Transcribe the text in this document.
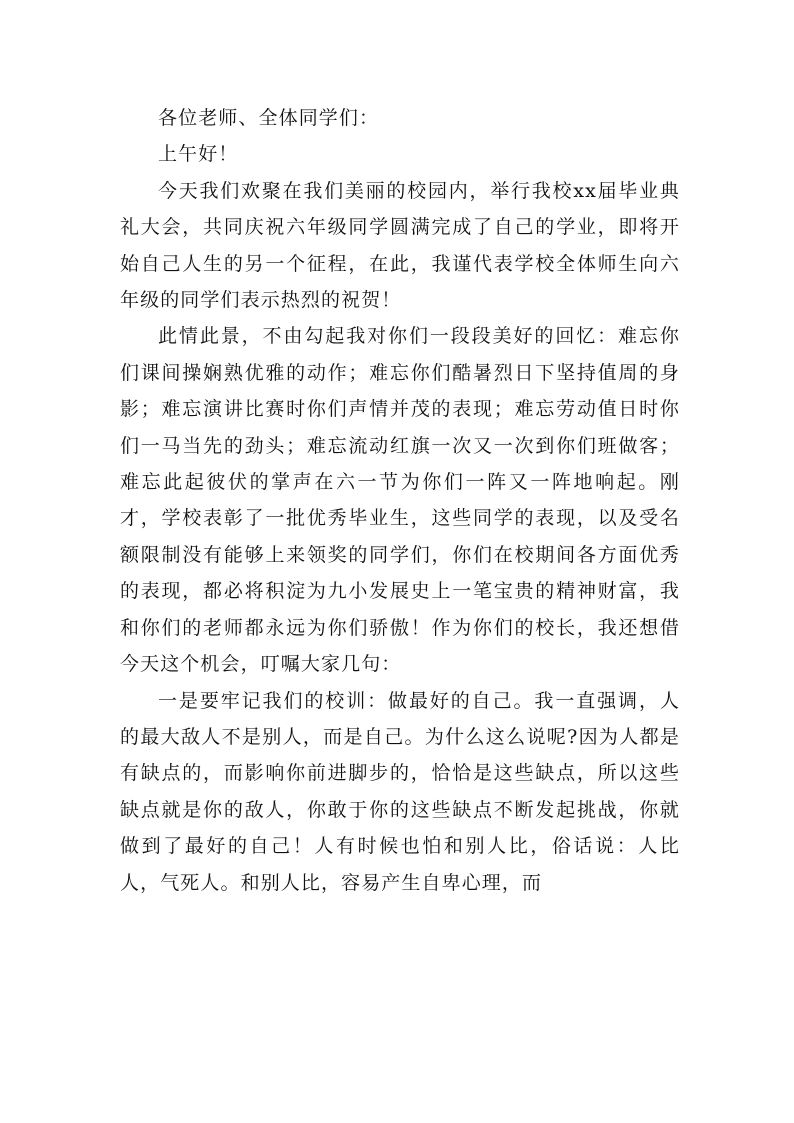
各位老师、全体同学们：

上午好！

今天我们欢聚在我们美丽的校园内，举行我校xx届毕业典礼大会，共同庆祝六年级同学圆满完成了自己的学业，即将开始自己人生的另一个征程，在此，我谨代表学校全体师生向六年级的同学们表示热烈的祝贺！

此情此景，不由勾起我对你们一段段美好的回忆：难忘你们课间操娴熟优雅的动作；难忘你们酷暑烈日下坚持值周的身影；难忘演讲比赛时你们声情并茂的表现；难忘劳动值日时你们一马当先的劲头；难忘流动红旗一次又一次到你们班做客；难忘此起彼伏的掌声在六一节为你们一阵又一阵地响起。刚才，学校表彰了一批优秀毕业生，这些同学的表现，以及受名额限制没有能够上来领奖的同学们，你们在校期间各方面优秀的表现，都必将积淀为九小发展史上一笔宝贵的精神财富，我和你们的老师都永远为你们骄傲！作为你们的校长，我还想借今天这个机会，叮嘱大家几句：

一是要牢记我们的校训：做最好的自己。我一直强调，人的最大敌人不是别人，而是自己。为什么这么说呢?因为人都是有缺点的，而影响你前进脚步的，恰恰是这些缺点，所以这些缺点就是你的敌人，你敢于你的这些缺点不断发起挑战，你就做到了最好的自己！人有时候也怕和别人比，俗话说：人比人，气死人。和别人比，容易产生自卑心理，而
